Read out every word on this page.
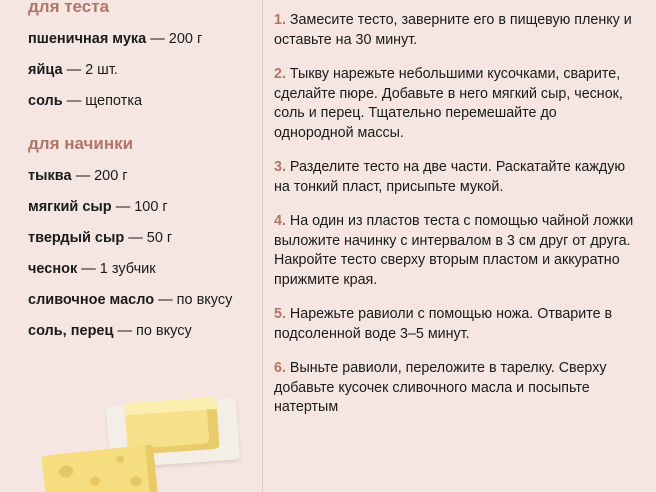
для теста
пшеничная мука — 200 г
яйца — 2 шт.
соль — щепотка
для начинки
тыква — 200 г
мягкий сыр — 100 г
твердый сыр — 50 г
чеснок — 1 зубчик
сливочное масло — по вкусу
соль, перец — по вкусу
1. Замесите тесто, заверните его в пищевую пленку и оставьте на 30 минут.
2. Тыкву нарежьте небольшими кусочками, сварите, сделайте пюре. Добавьте в него мягкий сыр, чеснок, соль и перец. Тщательно перемешайте до однородной массы.
3. Разделите тесто на две части. Раскатайте каждую на тонкий пласт, присыпьте мукой.
4. На один из пластов теста с помощью чайной ложки выложите начинку с интервалом в 3 см друг от друга. Накройте тесто сверху вторым пластом и аккуратно прижмите края.
5. Нарежьте равиоли с помощью ножа. Отварите в подсоленной воде 3–5 минут.
6. Выньте равиоли, переложите в тарелку. Сверху добавьте кусочек сливочного масла и посыпьте натертым
